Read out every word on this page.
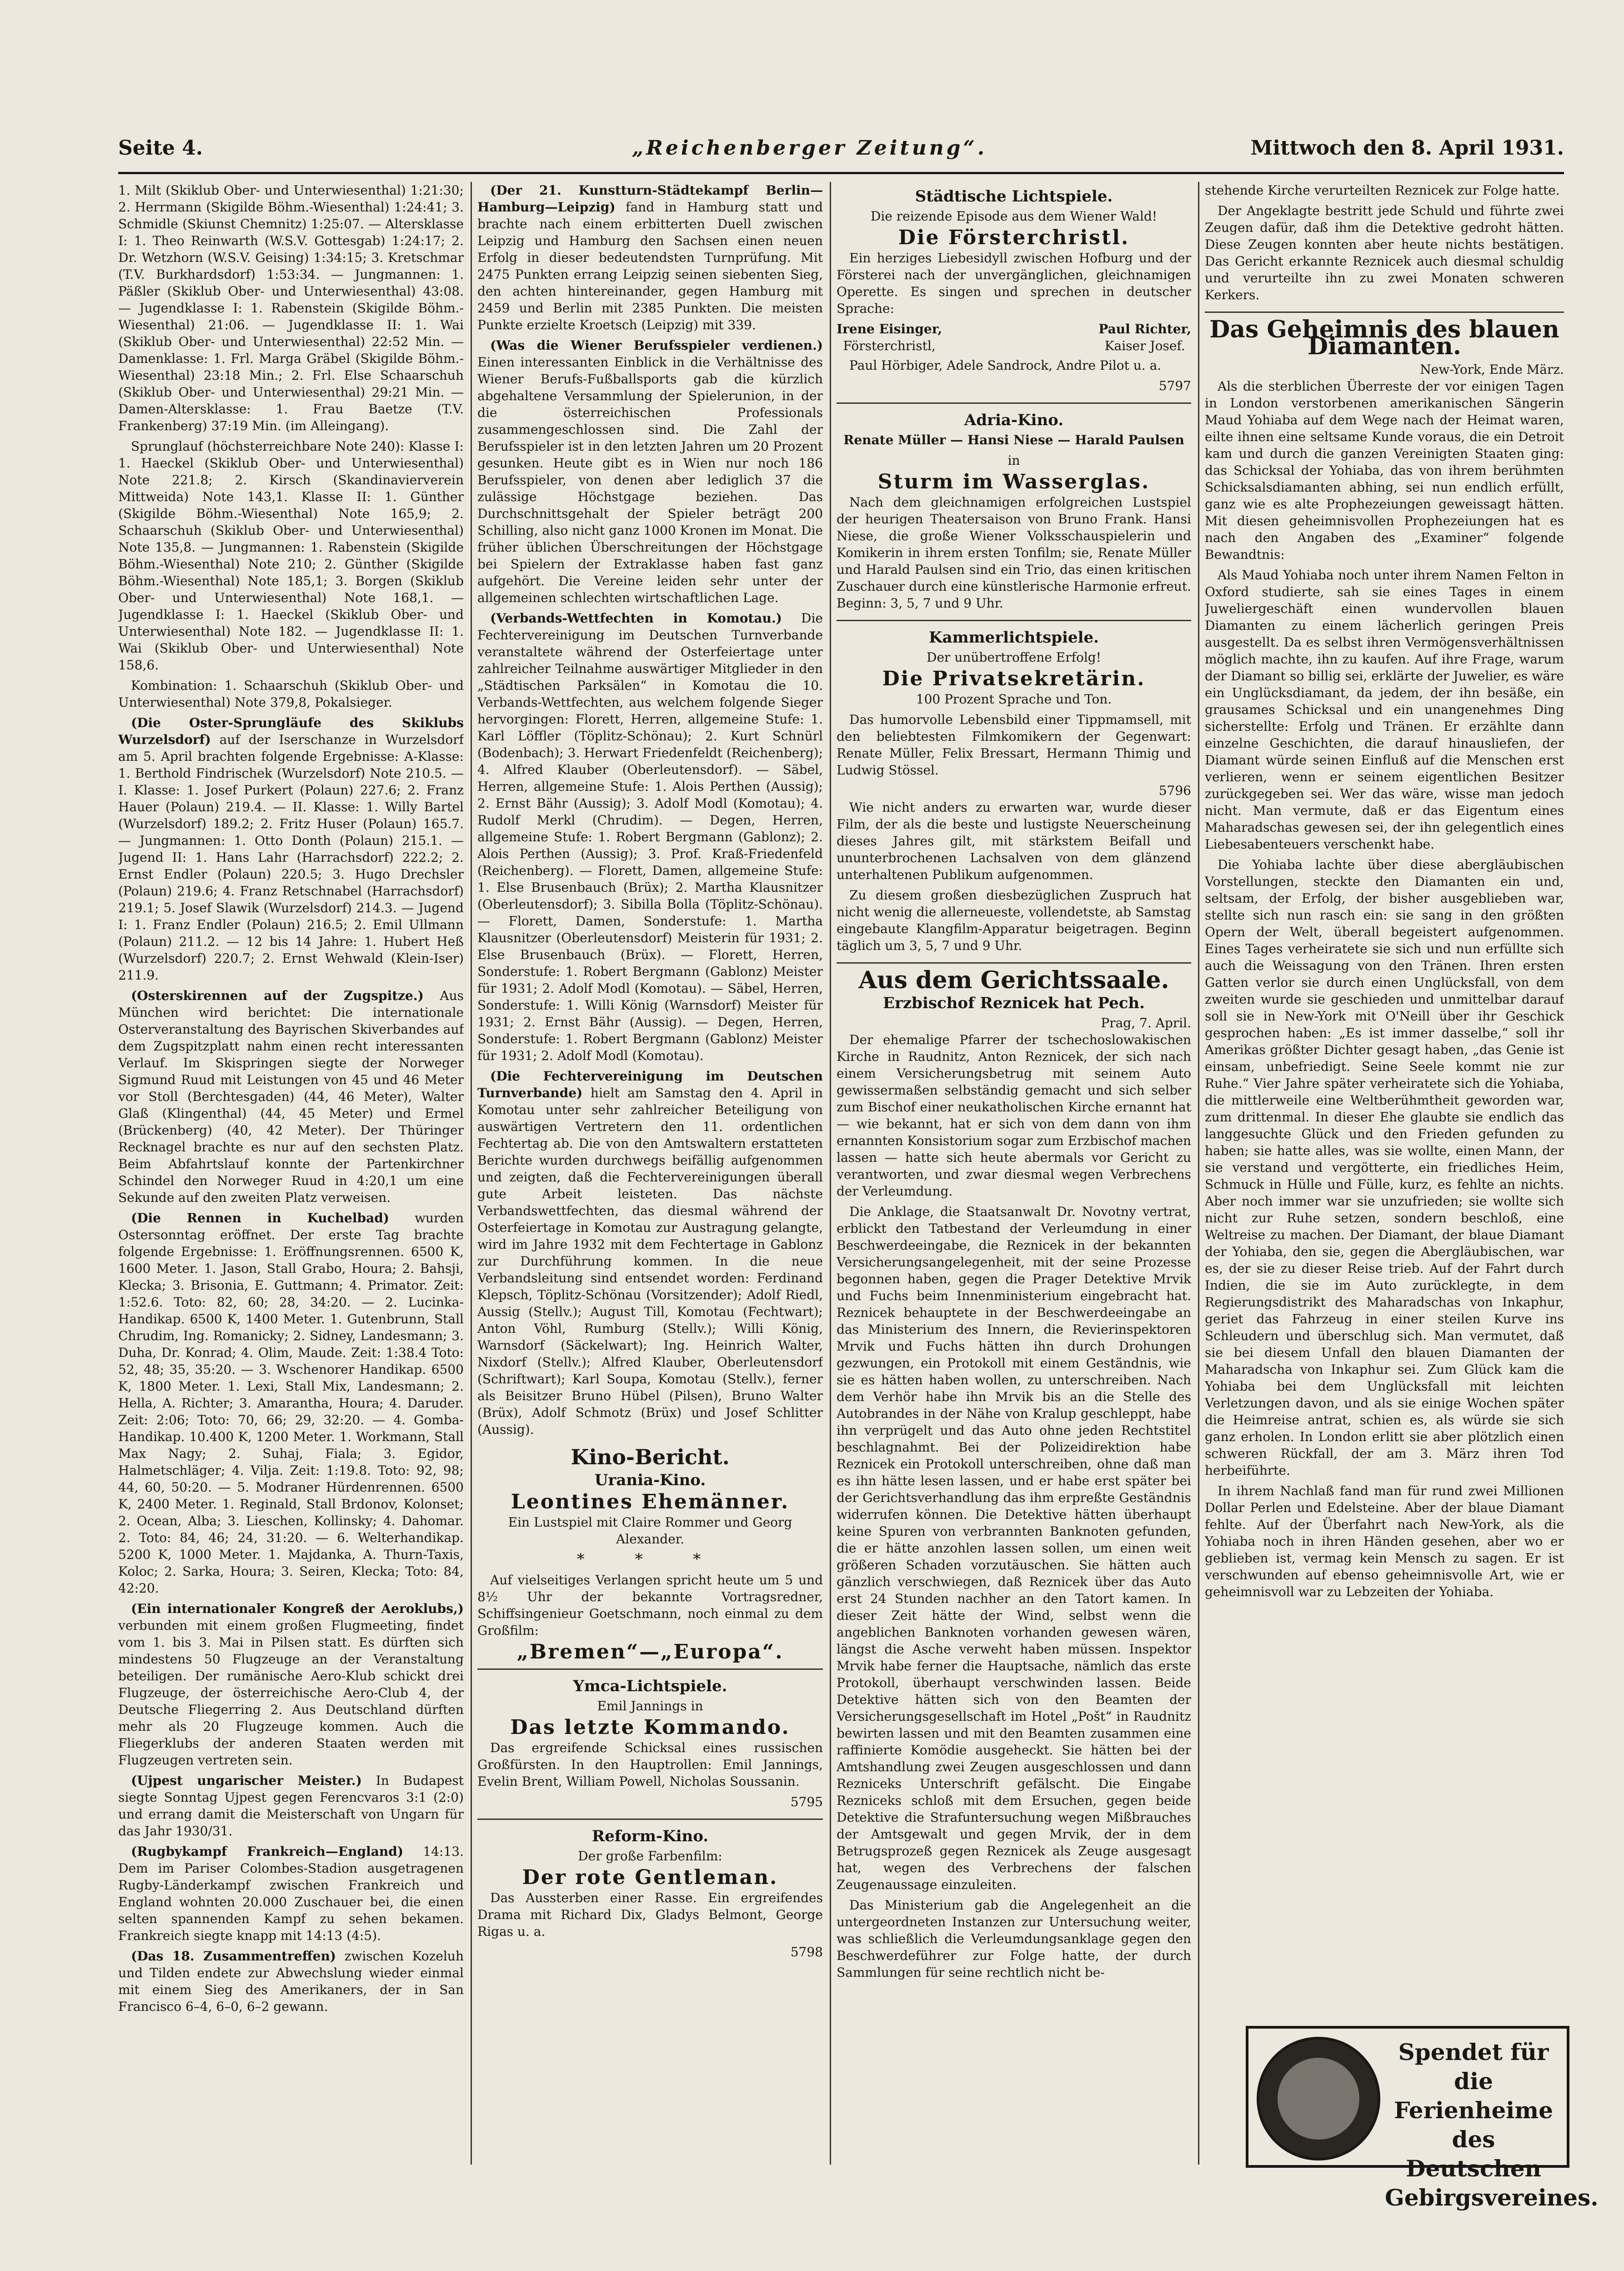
Seite 4.	„Reichenberger Zeitung“.	Mittwoch den 8. April 1931.

1. Milt (Skiklub Ober- und Unterwiesenthal) 1:21:30; 2. Herrmann (Skigilde Böhm.-Wiesenthal) 1:24:41; 3. Schmidle (Skiunst Chemnitz) 1:25:07. — Altersklasse I: 1. Theo Reinwarth (W.S.V. Gottesgab) 1:24:17; 2. Dr. Wetzhorn (W.S.V. Geising) 1:34:15; 3. Kretschmar (T.V. Burkhardsdorf) 1:53:34. — Jungmannen: 1. Päßler (Skiklub Ober- und Unterwiesenthal) 43:08. — Jugendklasse I: 1. Rabenstein (Skigilde Böhm.-Wiesenthal) 21:06. — Jugendklasse II: 1. Wai (Skiklub Ober- und Unterwiesenthal) 22:52 Min. — Damenklasse: 1. Frl. Marga Gräbel (Skigilde Böhm.-Wiesenthal) 23:18 Min.; 2. Frl. Else Schaarschuh (Skiklub Ober- und Unterwiesenthal) 29:21 Min. — Damen-Altersklasse: 1. Frau Baetze (T.V. Frankenberg) 37:19 Min. (im Alleingang).

Sprunglauf (höchsterreichbare Note 240): Klasse I: 1. Haeckel (Skiklub Ober- und Unterwiesenthal) Note 221.8; 2. Kirsch (Skandinavierverein Mittweida) Note 143,1. Klasse II: 1. Günther (Skigilde Böhm.-Wiesenthal) Note 165,9; 2. Schaarschuh (Skiklub Ober- und Unterwiesenthal) Note 135,8. — Jungmannen: 1. Rabenstein (Skigilde Böhm.-Wiesenthal) Note 210; 2. Günther (Skigilde Böhm.-Wiesenthal) Note 185,1; 3. Borgen (Skiklub Ober- und Unterwiesenthal) Note 168,1. — Jugendklasse I: 1. Haeckel (Skiklub Ober- und Unterwiesenthal) Note 182. — Jugendklasse II: 1. Wai (Skiklub Ober- und Unterwiesenthal) Note 158,6.

Kombination: 1. Schaarschuh (Skiklub Ober- und Unterwiesenthal) Note 379,8, Pokalsieger.

(Die Oster-Sprungläufe des Skiklubs Wurzelsdorf) auf der Iserschanze in Wurzelsdorf am 5. April brachten folgende Ergebnisse: A-Klasse: 1. Berthold Findrischek (Wurzelsdorf) Note 210.5. — I. Klasse: 1. Josef Purkert (Polaun) 227.6; 2. Franz Hauer (Polaun) 219.4. — II. Klasse: 1. Willy Bartel (Wurzelsdorf) 189.2; 2. Fritz Huser (Polaun) 165.7. — Jungmannen: 1. Otto Donth (Polaun) 215.1. — Jugend II: 1. Hans Lahr (Harrachsdorf) 222.2; 2. Ernst Endler (Polaun) 220.5; 3. Hugo Drechsler (Polaun) 219.6; 4. Franz Retschnabel (Harrachsdorf) 219.1; 5. Josef Slawik (Wurzelsdorf) 214.3. — Jugend I: 1. Franz Endler (Polaun) 216.5; 2. Emil Ullmann (Polaun) 211.2. — 12 bis 14 Jahre: 1. Hubert Heß (Wurzelsdorf) 220.7; 2. Ernst Wehwald (Klein-Iser) 211.9.

(Osterskirennen auf der Zugspitze.) Aus München wird berichtet: Die internationale Osterveranstaltung des Bayrischen Skiverbandes auf dem Zugspitzplatt nahm einen recht interessanten Verlauf. Im Skispringen siegte der Norweger Sigmund Ruud mit Leistungen von 45 und 46 Meter vor Stoll (Berchtesgaden) (44, 46 Meter), Walter Glaß (Klingenthal) (44, 45 Meter) und Ermel (Brückenberg) (40, 42 Meter). Der Thüringer Recknagel brachte es nur auf den sechsten Platz. Beim Abfahrtslauf konnte der Partenkirchner Schindel den Norweger Ruud in 4:20,1 um eine Sekunde auf den zweiten Platz verweisen.

(Die Rennen in Kuchelbad) wurden Ostersonntag eröffnet. Der erste Tag brachte folgende Ergebnisse: 1. Eröffnungsrennen. 6500 K, 1600 Meter. 1. Jason, Stall Grabo, Houra; 2. Bahsji, Klecka; 3. Brisonia, E. Guttmann; 4. Primator. Zeit: 1:52.6. Toto: 82, 60; 28, 34:20. — 2. Lucinka-Handikap. 6500 K, 1400 Meter. 1. Gutenbrunn, Stall Chrudim, Ing. Romanicky; 2. Sidney, Landesmann; 3. Duha, Dr. Konrad; 4. Olim, Maude. Zeit: 1:38.4 Toto: 52, 48; 35, 35:20. — 3. Wschenorer Handikap. 6500 K, 1800 Meter. 1. Lexi, Stall Mix, Landesmann; 2. Hella, A. Richter; 3. Amarantha, Houra; 4. Daruder. Zeit: 2:06; Toto: 70, 66; 29, 32:20. — 4. Gomba-Handikap. 10.400 K, 1200 Meter. 1. Workmann, Stall Max Nagy; 2. Suhaj, Fiala; 3. Egidor, Halmetschläger; 4. Vilja. Zeit: 1:19.8. Toto: 92, 98; 44, 60, 50:20. — 5. Modraner Hürdenrennen. 6500 K, 2400 Meter. 1. Reginald, Stall Brdonov, Kolonset; 2. Ocean, Alba; 3. Lieschen, Kollinsky; 4. Dahomar. 2. Toto: 84, 46; 24, 31:20. — 6. Welterhandikap. 5200 K, 1000 Meter. 1. Majdanka, A. Thurn-Taxis, Koloc; 2. Sarka, Houra; 3. Seiren, Klecka; Toto: 84, 42:20.

(Ein internationaler Kongreß der Aeroklubs,) verbunden mit einem großen Flugmeeting, findet vom 1. bis 3. Mai in Pilsen statt. Es dürften sich mindestens 50 Flugzeuge an der Veranstaltung beteiligen. Der rumänische Aero-Klub schickt drei Flugzeuge, der österreichische Aero-Club 4, der Deutsche Fliegerring 2. Aus Deutschland dürften mehr als 20 Flugzeuge kommen. Auch die Fliegerklubs der anderen Staaten werden mit Flugzeugen vertreten sein.

(Ujpest ungarischer Meister.) In Budapest siegte Sonntag Ujpest gegen Ferencvaros 3:1 (2:0) und errang damit die Meisterschaft von Ungarn für das Jahr 1930/31.

(Rugbykampf Frankreich—England) 14:13. Dem im Pariser Colombes-Stadion ausgetragenen Rugby-Länderkampf zwischen Frankreich und England wohnten 20.000 Zuschauer bei, die einen selten spannenden Kampf zu sehen bekamen. Frankreich siegte knapp mit 14:13 (4:5).

(Das 18. Zusammentreffen) zwischen Kozeluh und Tilden endete zur Abwechslung wieder einmal mit einem Sieg des Amerikaners, der in San Francisco 6–4, 6–0, 6–2 gewann.

(Der 21. Kunstturn-Städtekampf Berlin—Hamburg—Leipzig) fand in Hamburg statt und brachte nach einem erbitterten Duell zwischen Leipzig und Hamburg den Sachsen einen neuen Erfolg in dieser bedeutendsten Turnprüfung. Mit 2475 Punkten errang Leipzig seinen siebenten Sieg, den achten hintereinander, gegen Hamburg mit 2459 und Berlin mit 2385 Punkten. Die meisten Punkte erzielte Kroetsch (Leipzig) mit 339.

(Was die Wiener Berufsspieler verdienen.) Einen interessanten Einblick in die Verhältnisse des Wiener Berufs-Fußballsports gab die kürzlich abgehaltene Versammlung der Spielerunion, in der die österreichischen Professionals zusammengeschlossen sind. Die Zahl der Berufsspieler ist in den letzten Jahren um 20 Prozent gesunken. Heute gibt es in Wien nur noch 186 Berufsspieler, von denen aber lediglich 37 die zulässige Höchstgage beziehen. Das Durchschnittsgehalt der Spieler beträgt 200 Schilling, also nicht ganz 1000 Kronen im Monat. Die früher üblichen Überschreitungen der Höchstgage bei Spielern der Extraklasse haben fast ganz aufgehört. Die Vereine leiden sehr unter der allgemeinen schlechten wirtschaftlichen Lage.

(Verbands-Wettfechten in Komotau.) Die Fechtervereinigung im Deutschen Turnverbande veranstaltete während der Osterfeiertage unter zahlreicher Teilnahme auswärtiger Mitglieder in den „Städtischen Parksälen“ in Komotau die 10. Verbands-Wettfechten, aus welchem folgende Sieger hervorgingen: Florett, Herren, allgemeine Stufe: 1. Karl Löffler (Töplitz-Schönau); 2. Kurt Schnürl (Bodenbach); 3. Herwart Friedenfeldt (Reichenberg); 4. Alfred Klauber (Oberleutensdorf). — Säbel, Herren, allgemeine Stufe: 1. Alois Perthen (Aussig); 2. Ernst Bähr (Aussig); 3. Adolf Modl (Komotau); 4. Rudolf Merkl (Chrudim). — Degen, Herren, allgemeine Stufe: 1. Robert Bergmann (Gablonz); 2. Alois Perthen (Aussig); 3. Prof. Kraß-Friedenfeld (Reichenberg). — Florett, Damen, allgemeine Stufe: 1. Else Brusenbauch (Brüx); 2. Martha Klausnitzer (Oberleutensdorf); 3. Sibilla Bolla (Töplitz-Schönau). — Florett, Damen, Sonderstufe: 1. Martha Klausnitzer (Oberleutensdorf) Meisterin für 1931; 2. Else Brusenbauch (Brüx). — Florett, Herren, Sonderstufe: 1. Robert Bergmann (Gablonz) Meister für 1931; 2. Adolf Modl (Komotau). — Säbel, Herren, Sonderstufe: 1. Willi König (Warnsdorf) Meister für 1931; 2. Ernst Bähr (Aussig). — Degen, Herren, Sonderstufe: 1. Robert Bergmann (Gablonz) Meister für 1931; 2. Adolf Modl (Komotau).

(Die Fechtervereinigung im Deutschen Turnverbande) hielt am Samstag den 4. April in Komotau unter sehr zahlreicher Beteiligung von auswärtigen Vertretern den 11. ordentlichen Fechtertag ab. Die von den Amtswaltern erstatteten Berichte wurden durchwegs beifällig aufgenommen und zeigten, daß die Fechtervereinigungen überall gute Arbeit leisteten. Das nächste Verbandswettfechten, das diesmal während der Osterfeiertage in Komotau zur Austragung gelangte, wird im Jahre 1932 mit dem Fechtertage in Gablonz zur Durchführung kommen. In die neue Verbandsleitung sind entsendet worden: Ferdinand Klepsch, Töplitz-Schönau (Vorsitzender); Adolf Riedl, Aussig (Stellv.); August Till, Komotau (Fechtwart); Anton Vöhl, Rumburg (Stellv.); Willi König, Warnsdorf (Säckelwart); Ing. Heinrich Walter, Nixdorf (Stellv.); Alfred Klauber, Oberleutensdorf (Schriftwart); Karl Soupa, Komotau (Stellv.), ferner als Beisitzer Bruno Hübel (Pilsen), Bruno Walter (Brüx), Adolf Schmotz (Brüx) und Josef Schlitter (Aussig).

Kino-Bericht.
Urania-Kino.
Leontines Ehemänner.

Ein Lustspiel mit Claire Rommer und Georg Alexander.

* * *

Auf vielseitiges Verlangen spricht heute um 5 und 8½ Uhr der bekannte Vortragsredner, Schiffsingenieur Goetschmann, noch einmal zu dem Großfilm:

„Bremen“—„Europa“.
Ymca-Lichtspiele.

Emil Jannings in

Das letzte Kommando.

Das ergreifende Schicksal eines russischen Großfürsten. In den Hauptrollen: Emil Jannings, Evelin Brent, William Powell, Nicholas Soussanin.

5795
Reform-Kino.

Der große Farbenfilm:

Der rote Gentleman.

Das Aussterben einer Rasse. Ein ergreifendes Drama mit Richard Dix, Gladys Belmont, George Rigas u. a.

5798
Städtische Lichtspiele.

Die reizende Episode aus dem Wiener Wald!

Die Försterchristl.

Ein herziges Liebesidyll zwischen Hofburg und der Försterei nach der unvergänglichen, gleichnamigen Operette. Es singen und sprechen in deutscher Sprache:

Irene Eisinger,
Försterchristl,
Paul Richter,
Kaiser Josef.

Paul Hörbiger, Adele Sandrock, Andre Pilot u. a.

5797
Adria-Kino.

Renate Müller — Hansi Niese — Harald Paulsen

in

Sturm im Wasserglas.

Nach dem gleichnamigen erfolgreichen Lustspiel der heurigen Theatersaison von Bruno Frank. Hansi Niese, die große Wiener Volksschauspielerin und Komikerin in ihrem ersten Tonfilm; sie, Renate Müller und Harald Paulsen sind ein Trio, das einen kritischen Zuschauer durch eine künstlerische Harmonie erfreut. Beginn: 3, 5, 7 und 9 Uhr.

Kammerlichtspiele.

Der unübertroffene Erfolg!

Die Privatsekretärin.

100 Prozent Sprache und Ton.

Das humorvolle Lebensbild einer Tippmamsell, mit den beliebtesten Filmkomikern der Gegenwart: Renate Müller, Felix Bressart, Hermann Thimig und Ludwig Stössel.

5796

Wie nicht anders zu erwarten war, wurde dieser Film, der als die beste und lustigste Neuerscheinung dieses Jahres gilt, mit stärkstem Beifall und ununterbrochenen Lachsalven von dem glänzend unterhaltenen Publikum aufgenommen.

Zu diesem großen diesbezüglichen Zuspruch hat nicht wenig die allerneueste, vollendetste, ab Samstag eingebaute Klangfilm-Apparatur beigetragen. Beginn täglich um 3, 5, 7 und 9 Uhr.

Aus dem Gerichtssaale.
Erzbischof Reznicek hat Pech.
Prag, 7. April.

Der ehemalige Pfarrer der tschechoslowakischen Kirche in Raudnitz, Anton Reznicek, der sich nach einem Versicherungsbetrug mit seinem Auto gewissermaßen selbständig gemacht und sich selber zum Bischof einer neukatholischen Kirche ernannt hat — wie bekannt, hat er sich von dem dann von ihm ernannten Konsistorium sogar zum Erzbischof machen lassen — hatte sich heute abermals vor Gericht zu verantworten, und zwar diesmal wegen Verbrechens der Verleumdung.

Die Anklage, die Staatsanwalt Dr. Novotny vertrat, erblickt den Tatbestand der Verleumdung in einer Beschwerdeeingabe, die Reznicek in der bekannten Versicherungsangelegenheit, mit der seine Prozesse begonnen haben, gegen die Prager Detektive Mrvik und Fuchs beim Innenministerium eingebracht hat. Reznicek behauptete in der Beschwerdeeingabe an das Ministerium des Innern, die Revierinspektoren Mrvik und Fuchs hätten ihn durch Drohungen gezwungen, ein Protokoll mit einem Geständnis, wie sie es hätten haben wollen, zu unterschreiben. Nach dem Verhör habe ihn Mrvik bis an die Stelle des Autobrandes in der Nähe von Kralup geschleppt, habe ihn verprügelt und das Auto ohne jeden Rechtstitel beschlagnahmt. Bei der Polizeidirektion habe Reznicek ein Protokoll unterschreiben, ohne daß man es ihn hätte lesen lassen, und er habe erst später bei der Gerichtsverhandlung das ihm erpreßte Geständnis widerrufen können. Die Detektive hätten überhaupt keine Spuren von verbrannten Banknoten gefunden, die er hätte anzohlen lassen sollen, um einen weit größeren Schaden vorzutäuschen. Sie hätten auch gänzlich verschwiegen, daß Reznicek über das Auto erst 24 Stunden nachher an den Tatort kamen. In dieser Zeit hätte der Wind, selbst wenn die angeblichen Banknoten vorhanden gewesen wären, längst die Asche verweht haben müssen. Inspektor Mrvik habe ferner die Hauptsache, nämlich das erste Protokoll, überhaupt verschwinden lassen. Beide Detektive hätten sich von den Beamten der Versicherungsgesellschaft im Hotel „Pošt“ in Raudnitz bewirten lassen und mit den Beamten zusammen eine raffinierte Komödie ausgeheckt. Sie hätten bei der Amtshandlung zwei Zeugen ausgeschlossen und dann Rezniceks Unterschrift gefälscht. Die Eingabe Rezniceks schloß mit dem Ersuchen, gegen beide Detektive die Strafuntersuchung wegen Mißbrauches der Amtsgewalt und gegen Mrvik, der in dem Betrugsprozeß gegen Reznicek als Zeuge ausgesagt hat, wegen des Verbrechens der falschen Zeugenaussage einzuleiten.

Das Ministerium gab die Angelegenheit an die untergeordneten Instanzen zur Untersuchung weiter, was schließlich die Verleumdungsanklage gegen den Beschwerdeführer zur Folge hatte, der durch Sammlungen für seine rechtlich nicht be-

stehende Kirche verurteilten Reznicek zur Folge hatte.

Der Angeklagte bestritt jede Schuld und führte zwei Zeugen dafür, daß ihm die Detektive gedroht hätten. Diese Zeugen konnten aber heute nichts bestätigen. Das Gericht erkannte Reznicek auch diesmal schuldig und verurteilte ihn zu zwei Monaten schweren Kerkers.

Das Geheimnis des blauen Diamanten.
New-York, Ende März.

Als die sterblichen Überreste der vor einigen Tagen in London verstorbenen amerikanischen Sängerin Maud Yohiaba auf dem Wege nach der Heimat waren, eilte ihnen eine seltsame Kunde voraus, die ein Detroit kam und durch die ganzen Vereinigten Staaten ging: das Schicksal der Yohiaba, das von ihrem berühmten Schicksalsdiamanten abhing, sei nun endlich erfüllt, ganz wie es alte Prophezeiungen geweissagt hätten. Mit diesen geheimnisvollen Prophezeiungen hat es nach den Angaben des „Examiner“ folgende Bewandtnis:

Als Maud Yohiaba noch unter ihrem Namen Felton in Oxford studierte, sah sie eines Tages in einem Juweliergeschäft einen wundervollen blauen Diamanten zu einem lächerlich geringen Preis ausgestellt. Da es selbst ihren Vermögensverhältnissen möglich machte, ihn zu kaufen. Auf ihre Frage, warum der Diamant so billig sei, erklärte der Juwelier, es wäre ein Unglücksdiamant, da jedem, der ihn besäße, ein grausames Schicksal und ein unangenehmes Ding sicherstellte: Erfolg und Tränen. Er erzählte dann einzelne Geschichten, die darauf hinausliefen, der Diamant würde seinen Einfluß auf die Menschen erst verlieren, wenn er seinem eigentlichen Besitzer zurückgegeben sei. Wer das wäre, wisse man jedoch nicht. Man vermute, daß er das Eigentum eines Maharadschas gewesen sei, der ihn gelegentlich eines Liebesabenteuers verschenkt habe.

Die Yohiaba lachte über diese abergläubischen Vorstellungen, steckte den Diamanten ein und, seltsam, der Erfolg, der bisher ausgeblieben war, stellte sich nun rasch ein: sie sang in den größten Opern der Welt, überall begeistert aufgenommen. Eines Tages verheiratete sie sich und nun erfüllte sich auch die Weissagung von den Tränen. Ihren ersten Gatten verlor sie durch einen Unglücksfall, von dem zweiten wurde sie geschieden und unmittelbar darauf soll sie in New-York mit O'Neill über ihr Geschick gesprochen haben: „Es ist immer dasselbe,“ soll ihr Amerikas größter Dichter gesagt haben, „das Genie ist einsam, unbefriedigt. Seine Seele kommt nie zur Ruhe.“ Vier Jahre später verheiratete sich die Yohiaba, die mittlerweile eine Weltberühmtheit geworden war, zum drittenmal. In dieser Ehe glaubte sie endlich das langgesuchte Glück und den Frieden gefunden zu haben; sie hatte alles, was sie wollte, einen Mann, der sie verstand und vergötterte, ein friedliches Heim, Schmuck in Hülle und Fülle, kurz, es fehlte an nichts. Aber noch immer war sie unzufrieden; sie wollte sich nicht zur Ruhe setzen, sondern beschloß, eine Weltreise zu machen. Der Diamant, der blaue Diamant der Yohiaba, den sie, gegen die Abergläubischen, war es, der sie zu dieser Reise trieb. Auf der Fahrt durch Indien, die sie im Auto zurücklegte, in dem Regierungsdistrikt des Maharadschas von Inkaphur, geriet das Fahrzeug in einer steilen Kurve ins Schleudern und überschlug sich. Man vermutet, daß sie bei diesem Unfall den blauen Diamanten der Maharadscha von Inkaphur sei. Zum Glück kam die Yohiaba bei dem Unglücksfall mit leichten Verletzungen davon, und als sie einige Wochen später die Heimreise antrat, schien es, als würde sie sich ganz erholen. In London erlitt sie aber plötzlich einen schweren Rückfall, der am 3. März ihren Tod herbeiführte.

In ihrem Nachlaß fand man für rund zwei Millionen Dollar Perlen und Edelsteine. Aber der blaue Diamant fehlte. Auf der Überfahrt nach New-York, als die Yohiaba noch in ihren Händen gesehen, aber wo er geblieben ist, vermag kein Mensch zu sagen. Er ist verschwunden auf ebenso geheimnisvolle Art, wie er geheimnisvoll war zu Lebzeiten der Yohiaba.

Spendet für die
Ferienheime
des Deutschen
Gebirgsvereines.
